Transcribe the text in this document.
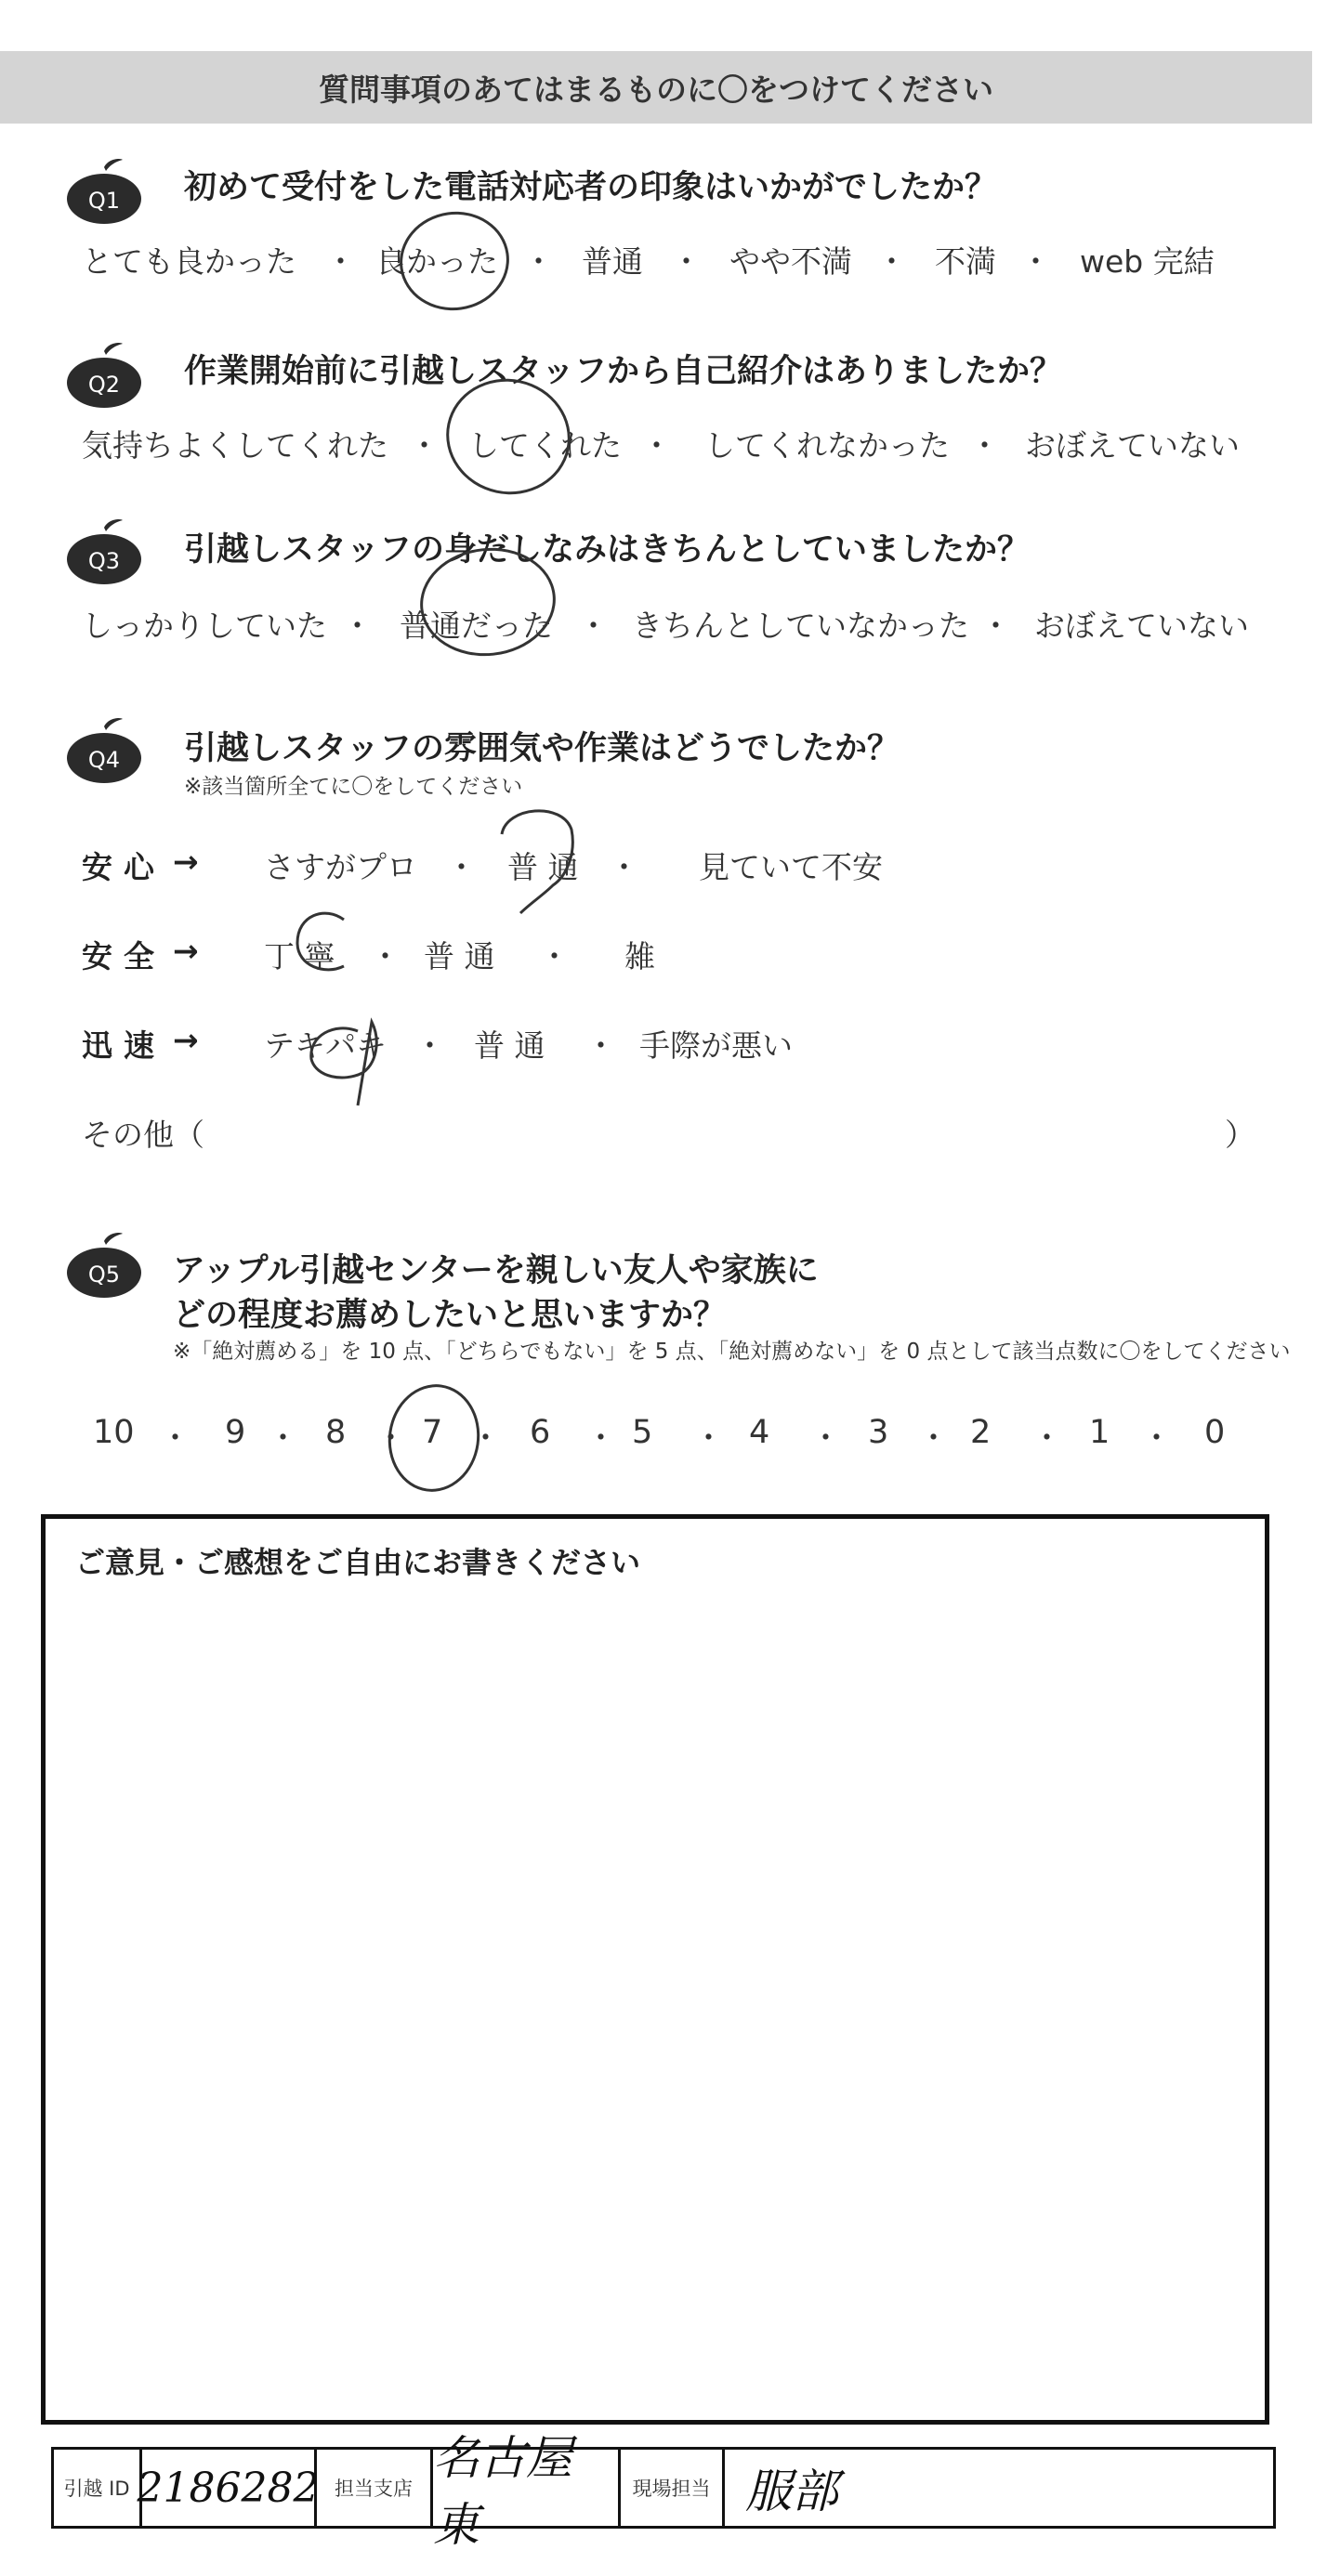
質問事項のあてはまるものに〇をつけてください
Q1 初めて受付をした電話対応者の印象はいかがでしたか？
とても良かった ・ 良かった ・ 普通 ・ やや不満 ・ 不満 ・ web 完結
Q2 作業開始前に引越しスタッフから自己紹介はありましたか？
気持ちよくしてくれた ・ してくれた ・ してくれなかった ・ おぼえていない
Q3 引越しスタッフの身だしなみはきちんとしていましたか？
しっかりしていた ・ 普通だった ・ きちんとしていなかった ・ おぼえていない
Q4 引越しスタッフの雰囲気や作業はどうでしたか？
※該当箇所全てに〇をしてください
安心 → さすがプロ ・ 普 通 ・ 見ていて不安
安全 → 丁 寧 ・ 普 通 ・ 雑
迅速 → テキパキ ・ 普 通 ・ 手際が悪い
その他（	）
Q5 アップル引越センターを親しい友人や家族に
どの程度お薦めしたいと思いますか？
※「絶対薦める」を 10 点、「どちらでもない」を 5 点、「絶対薦めない」を 0 点として該当点数に〇をしてください
10 ・ 9 ・ 8 ・ 7 ・ 6 ・ 5 ・ 4 ・ 3 ・ 2 ・ 1 ・ 0
ご意見・ご感想をご自由にお書きください
引越 ID 2186282 担当支店
名古屋東
現場担当 服部
